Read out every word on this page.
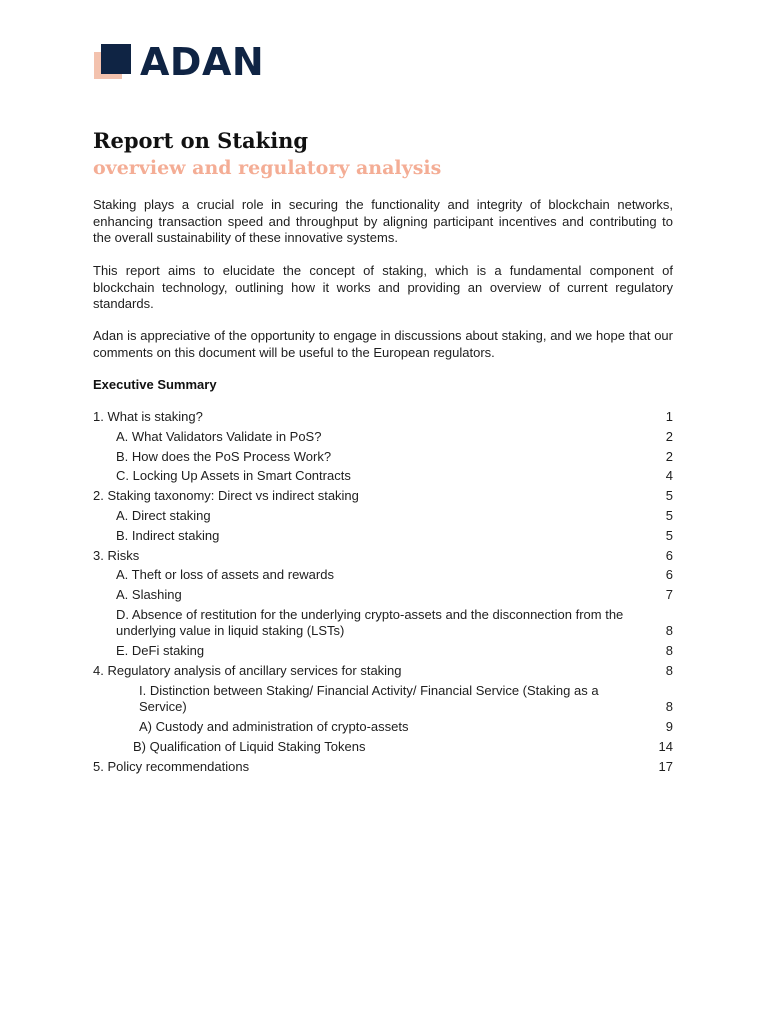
ADAN
Report on Staking
overview and regulatory analysis

Staking plays a crucial role in securing the functionality and integrity of blockchain networks, enhancing transaction speed and throughput by aligning participant incentives and contributing to the overall sustainability of these innovative systems.

This report aims to elucidate the concept of staking, which is a fundamental component of blockchain technology, outlining how it works and providing an overview of current regulatory standards.

Adan is appreciative of the opportunity to engage in discussions about staking, and we hope that our comments on this document will be useful to the European regulators.

Executive Summary

1. What is staking?	1
A. What Validators Validate in PoS?	2
B. How does the PoS Process Work?	2
C. Locking Up Assets in Smart Contracts	4
2. Staking taxonomy: Direct vs indirect staking	5
A. Direct staking	5
B. Indirect staking	5
3. Risks	6
A. Theft or loss of assets and rewards	6
A. Slashing	7
D. Absence of restitution for the underlying crypto-assets and the disconnection from the underlying value in liquid staking (LSTs)	8
E. DeFi staking	8
4. Regulatory analysis of ancillary services for staking	8
I. Distinction between Staking/ Financial Activity/ Financial Service (Staking as a Service)	8
A) Custody and administration of crypto-assets	9
B) Qualification of Liquid Staking Tokens	14
5. Policy recommendations	17
